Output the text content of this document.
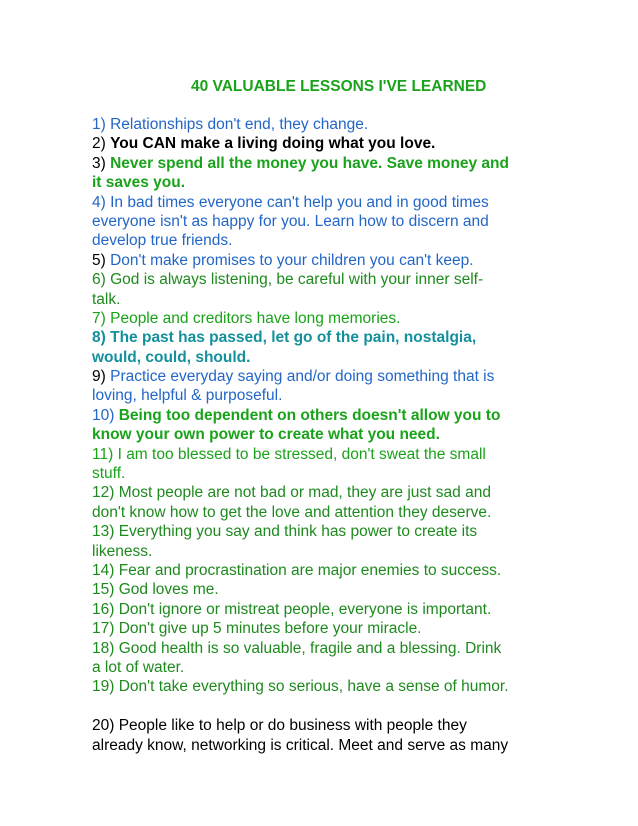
40 VALUABLE LESSONS I'VE LEARNED
1) Relationships don't end, they change.
2) You CAN make a living doing what you love.
3) Never spend all the money you have. Save money and
it saves you.
4) In bad times everyone can't help you and in good times
everyone isn't as happy for you. Learn how to discern and
develop true friends.
5) Don't make promises to your children you can't keep.
6) God is always listening, be careful with your inner self-
talk.
7) People and creditors have long memories.
8) The past has passed, let go of the pain, nostalgia,
would, could, should.
9) Practice everyday saying and/or doing something that is
loving, helpful & purposeful.
10) Being too dependent on others doesn't allow you to
know your own power to create what you need.
11) I am too blessed to be stressed, don't sweat the small
stuff.
12) Most people are not bad or mad, they are just sad and
don't know how to get the love and attention they deserve.
13) Everything you say and think has power to create its
likeness.
14) Fear and procrastination are major enemies to success.
15) God loves me.
16) Don't ignore or mistreat people, everyone is important.
17) Don't give up 5 minutes before your miracle.
18) Good health is so valuable, fragile and a blessing. Drink
a lot of water.
19) Don't take everything so serious, have a sense of humor.
20) People like to help or do business with people they
already know, networking is critical. Meet and serve as many
